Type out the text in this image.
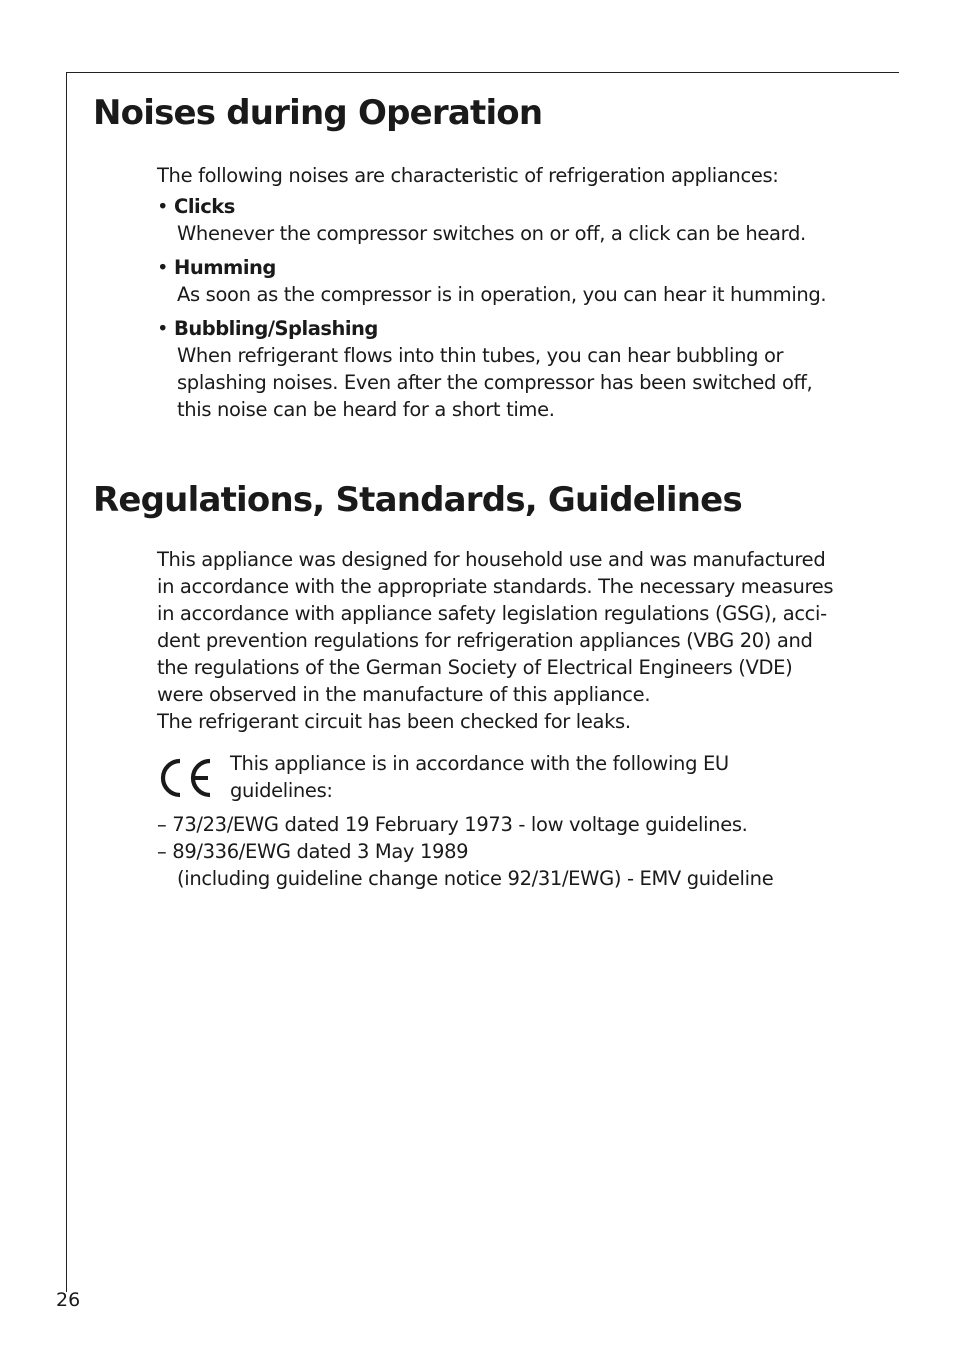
Noises during Operation
The following noises are characteristic of refrigeration appliances:
• Clicks
Whenever the compressor switches on or off, a click can be heard.
• Humming
As soon as the compressor is in operation, you can hear it humming.
• Bubbling/Splashing
When refrigerant flows into thin tubes, you can hear bubbling or
splashing noises. Even after the compressor has been switched off,
this noise can be heard for a short time.
Regulations, Standards, Guidelines
This appliance was designed for household use and was manufactured
in accordance with the appropriate standards. The necessary measures
in accordance with appliance safety legislation regulations (GSG), acci-
dent prevention regulations for refrigeration appliances (VBG 20) and
the regulations of the German Society of Electrical Engineers (VDE)
were observed in the manufacture of this appliance.
The refrigerant circuit has been checked for leaks.
This appliance is in accordance with the following EU
guidelines:
– 73/23/EWG dated 19 February 1973 - low voltage guidelines.
– 89/336/EWG dated 3 May 1989
(including guideline change notice 92/31/EWG) - EMV guideline
26
